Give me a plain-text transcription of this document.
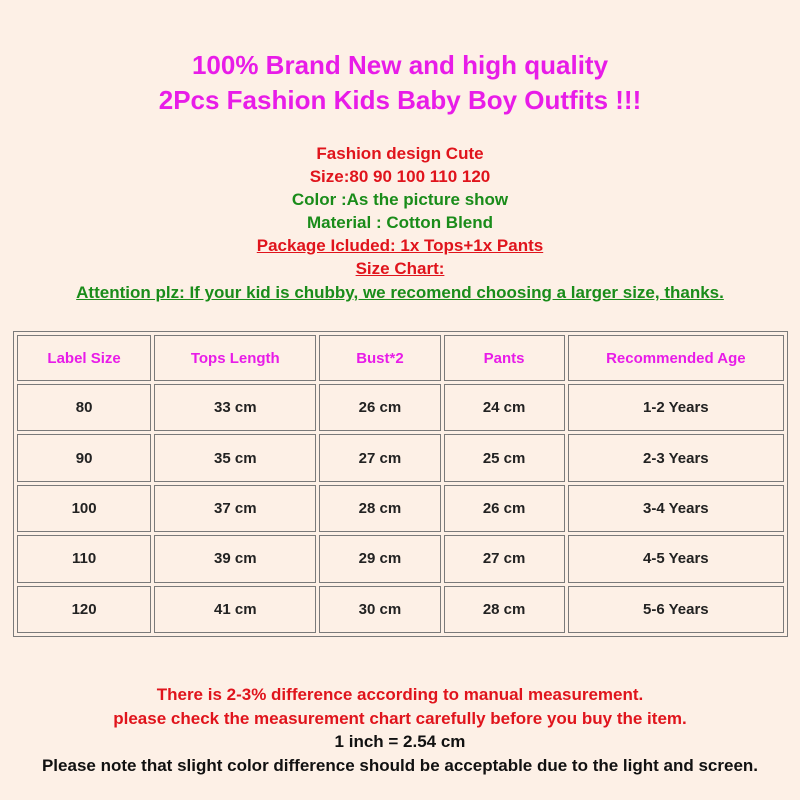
100% Brand New and high quality

2Pcs Fashion Kids Baby Boy Outfits !!!

Fashion design Cute

Size:80 90 100 110 120

Color :As the picture show

Material : Cotton Blend

Package Icluded: 1x Tops+1x Pants

Size Chart:

Attention plz: If your kid is chubby, we recomend choosing a larger size, thanks.

Label Size	Tops Length	Bust*2	Pants	Recommended Age
80	33 cm	26 cm	24 cm	1-2 Years
90	35 cm	27 cm	25 cm	2-3 Years
100	37 cm	28 cm	26 cm	3-4 Years
110	39 cm	29 cm	27 cm	4-5 Years
120	41 cm	30 cm	28 cm	5-6 Years

There is 2-3% difference according to manual measurement.

please check the measurement chart carefully before you buy the item.

1 inch = 2.54 cm

Please note that slight color difference should be acceptable due to the light and screen.
